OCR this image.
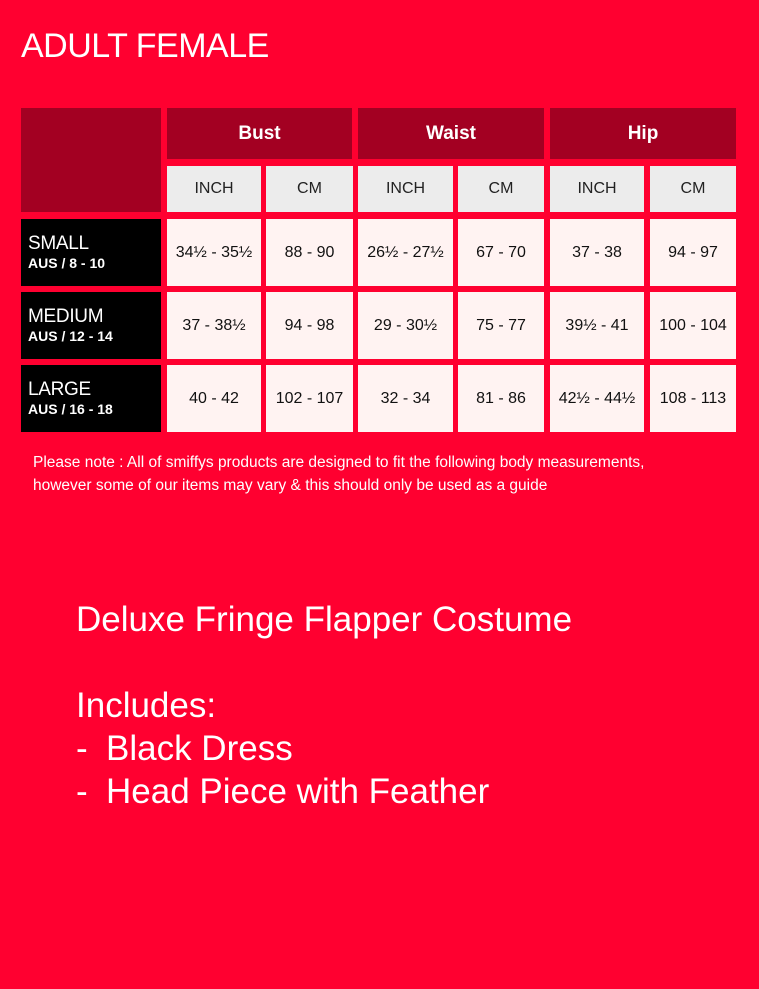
ADULT FEMALE
Bust	Waist	Hip
INCH	CM	INCH	CM	INCH	CM
SMALL
AUS / 8 - 10
34½ - 35½	88 - 90	26½ - 27½	67 - 70	37 - 38	94 - 97
MEDIUM
AUS / 12 - 14
37 - 38½	94 - 98	29 - 30½	75 - 77	39½ - 41	100 - 104
LARGE
AUS / 16 - 18
40 - 42	102 - 107	32 - 34	81 - 86	42½ - 44½	108 - 113
Please note : All of smiffys products are designed to fit the following body measurements,
however some of our items may vary & this should only be used as a guide
Deluxe Fringe Flapper Costume
Includes:
- Black Dress
- Head Piece with Feather
